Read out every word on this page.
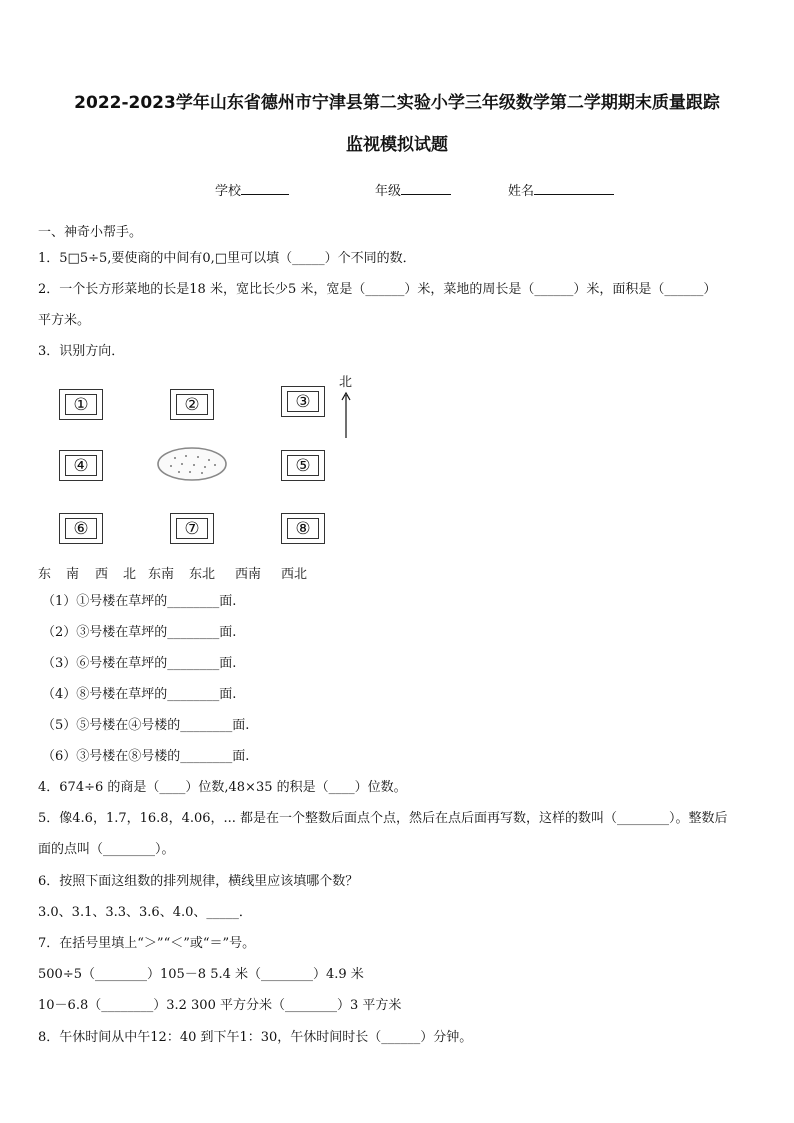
2022-2023学年山东省德州市宁津县第二实验小学三年级数学第二学期期末质量跟踪
监视模拟试题
学校	年级	姓名
一、神奇小帮手。
1．5□5÷5,要使商的中间有0,□里可以填（_____）个不同的数．
2．一个长方形菜地的长是18 米，宽比长少5 米，宽是（______）米，菜地的周长是（______）米，面积是（______）
平方米。
3．识别方向．
①	②	③
④	⑤
⑥	⑦	⑧
北
东 南 西 北 东南 东北 西南 西北
（1）①号楼在草坪的________面.
（2）③号楼在草坪的________面.
（3）⑥号楼在草坪的________面.
（4）⑧号楼在草坪的________面.
（5）⑤号楼在④号楼的________面.
（6）③号楼在⑧号楼的________面.
4．674÷6 的商是（____）位数,48×35 的积是（____）位数。
5．像4.6，1.7，16.8，4.06，... 都是在一个整数后面点个点，然后在点后面再写数，这样的数叫（________）。整数后
面的点叫（________）。
6．按照下面这组数的排列规律，横线里应该填哪个数？
3.0、3.1、3.3、3.6、4.0、_____．
7．在括号里填上“＞”“＜”或“＝”号。
500÷5（________）105－8 5.4 米（________）4.9 米
10－6.8（________）3.2 300 平方分米（________）3 平方米
8．午休时间从中午12：40 到下午1：30，午休时间时长（______）分钟。
